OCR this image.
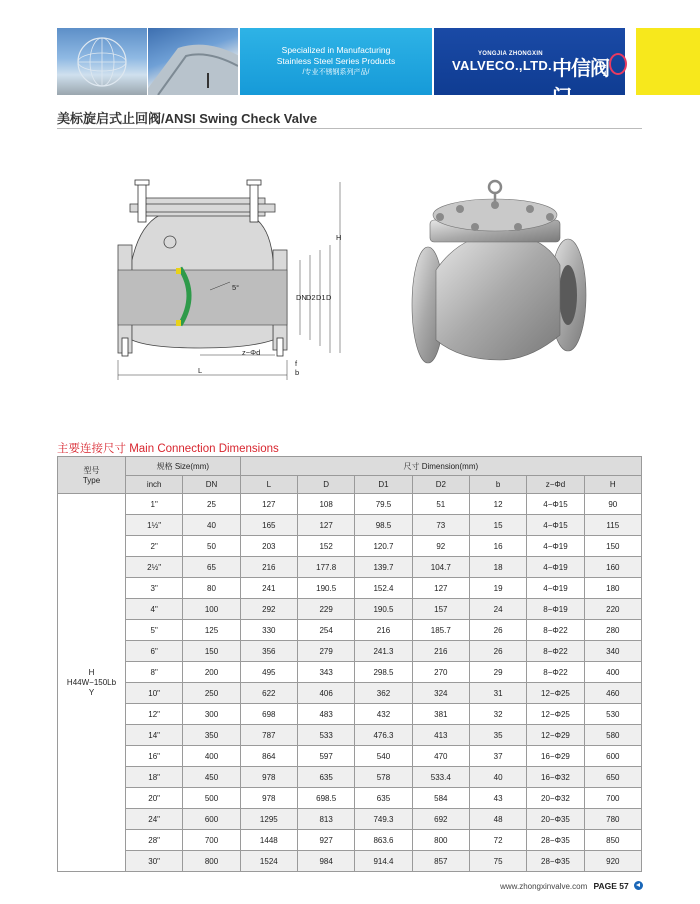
Specialized in Manufacturing
Stainless Steel Series Products
/专业不锈钢系列产品/
YONGJIA ZHONGXIN
VALVECO.,LTD. 中信阀门
美标旋启式止回阀/ANSI Swing Check Valve
H
DN D2 D1 D
L
f
b
z−Φd
5°
主要连接尺寸 Main Connection Dimensions
型号
Type	规格 Size(mm)		尺寸 Dimension(mm)						
	inch	DN	L	D	D1	D2	b	z−Φd	H

H
H44W−150Lb
Y	1"	25	127	108	79.5	51	12	4−Φ15	90
	1½"	40	165	127	98.5	73	15	4−Φ15	115
	2"	50	203	152	120.7	92	16	4−Φ19	150
	2½"	65	216	177.8	139.7	104.7	18	4−Φ19	160
	3"	80	241	190.5	152.4	127	19	4−Φ19	180
	4"	100	292	229	190.5	157	24	8−Φ19	220
	5"	125	330	254	216	185.7	26	8−Φ22	280
	6"	150	356	279	241.3	216	26	8−Φ22	340
	8"	200	495	343	298.5	270	29	8−Φ22	400
	10"	250	622	406	362	324	31	12−Φ25	460
	12"	300	698	483	432	381	32	12−Φ25	530
	14"	350	787	533	476.3	413	35	12−Φ29	580
	16"	400	864	597	540	470	37	16−Φ29	600
	18"	450	978	635	578	533.4	40	16−Φ32	650
	20"	500	978	698.5	635	584	43	20−Φ32	700
	24"	600	1295	813	749.3	692	48	20−Φ35	780
	28"	700	1448	927	863.6	800	72	28−Φ35	850
	30"	800	1524	984	914.4	857	75	28−Φ35	920
www.zhongxinvalve.com PAGE 57
